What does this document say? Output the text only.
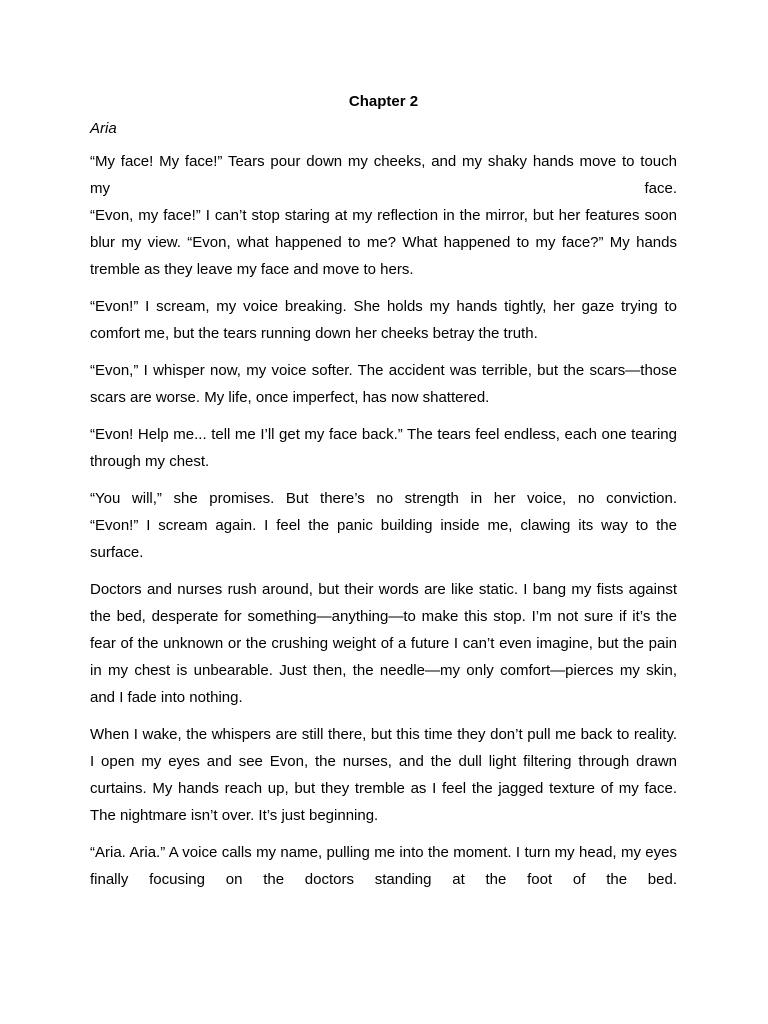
Chapter 2
Aria
“My face! My face!” Tears pour down my cheeks, and my shaky hands move to touch
my face.
“Evon, my face!” I can’t stop staring at my reflection in the mirror, but her features soon blur my view. “Evon, what happened to me? What happened to my face?” My hands tremble as they leave my face and move to hers.
“Evon!” I scream, my voice breaking. She holds my hands tightly, her gaze trying to comfort me, but the tears running down her cheeks betray the truth.
“Evon,” I whisper now, my voice softer. The accident was terrible, but the scars—those scars are worse. My life, once imperfect, has now shattered.
“Evon! Help me... tell me I’ll get my face back.” The tears feel endless, each one tearing through my chest.
“You will,” she promises. But there’s no strength in her voice, no conviction.
“Evon!” I scream again. I feel the panic building inside me, clawing its way to the surface.
Doctors and nurses rush around, but their words are like static. I bang my fists against the bed, desperate for something—anything—to make this stop. I’m not sure if it’s the fear of the unknown or the crushing weight of a future I can’t even imagine, but the pain in my chest is unbearable. Just then, the needle—my only comfort—pierces my skin, and I fade into nothing.
When I wake, the whispers are still there, but this time they don’t pull me back to reality. I open my eyes and see Evon, the nurses, and the dull light filtering through drawn curtains. My hands reach up, but they tremble as I feel the jagged texture of my face. The nightmare isn’t over. It’s just beginning.
“Aria. Aria.” A voice calls my name, pulling me into the moment. I turn my head, my eyes
finally focusing on the doctors standing at the foot of the bed.
